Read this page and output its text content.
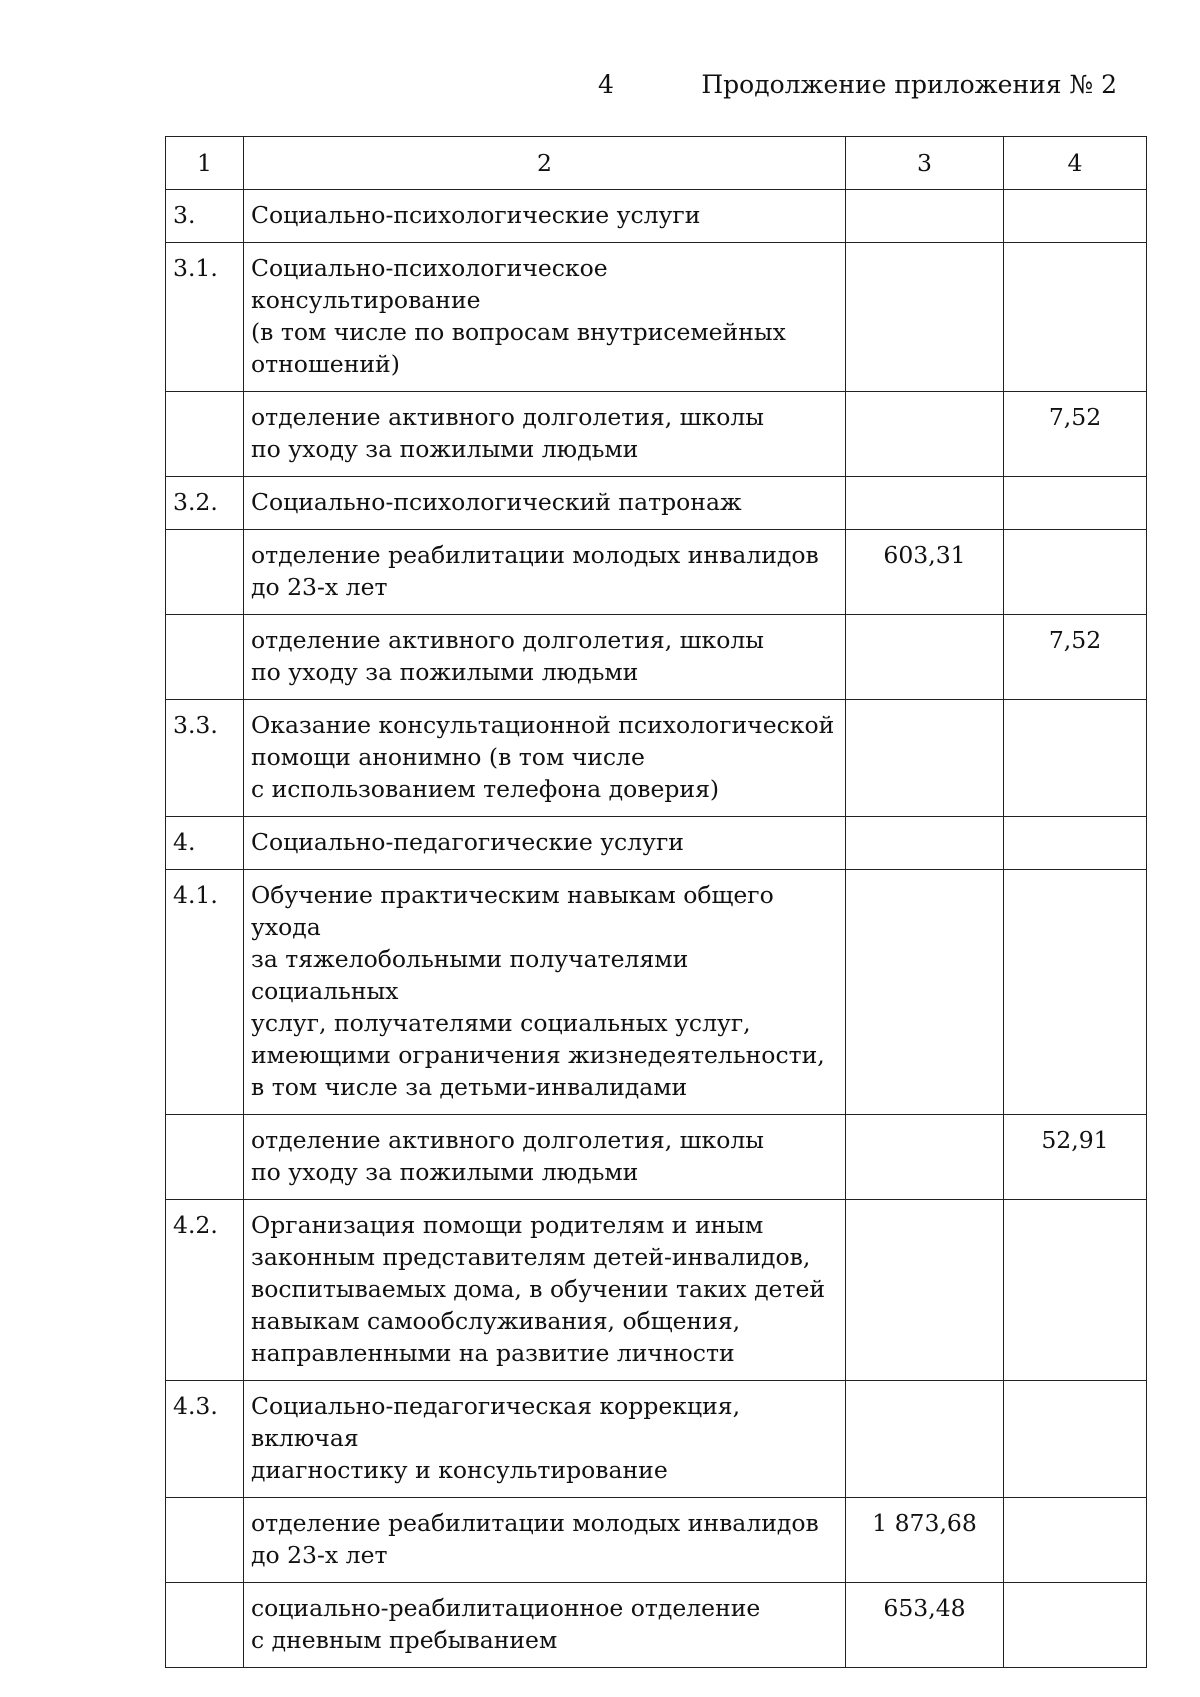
4	Продолжение приложения № 2
1	2	3	4
3.	Социально-психологические услуги		
3.1.	Социально-психологическое консультирование
(в том числе по вопросам внутрисемейных
отношений)		
	отделение активного долголетия, школы
по уходу за пожилыми людьми		7,52
3.2.	Социально-психологический патронаж		
	отделение реабилитации молодых инвалидов
до 23-х лет	603,31	
	отделение активного долголетия, школы
по уходу за пожилыми людьми		7,52
3.3.	Оказание консультационной психологической
помощи анонимно (в том числе
с использованием телефона доверия)		
4.	Социально-педагогические услуги		
4.1.	Обучение практическим навыкам общего ухода
за тяжелобольными получателями социальных
услуг, получателями социальных услуг,
имеющими ограничения жизнедеятельности,
в том числе за детьми-инвалидами		
	отделение активного долголетия, школы
по уходу за пожилыми людьми		52,91
4.2.	Организация помощи родителям и иным
законным представителям детей-инвалидов,
воспитываемых дома, в обучении таких детей
навыкам самообслуживания, общения,
направленными на развитие личности		
4.3.	Социально-педагогическая коррекция, включая
диагностику и консультирование		
	отделение реабилитации молодых инвалидов
до 23-х лет	1 873,68	
	социально-реабилитационное отделение
с дневным пребыванием	653,48	
